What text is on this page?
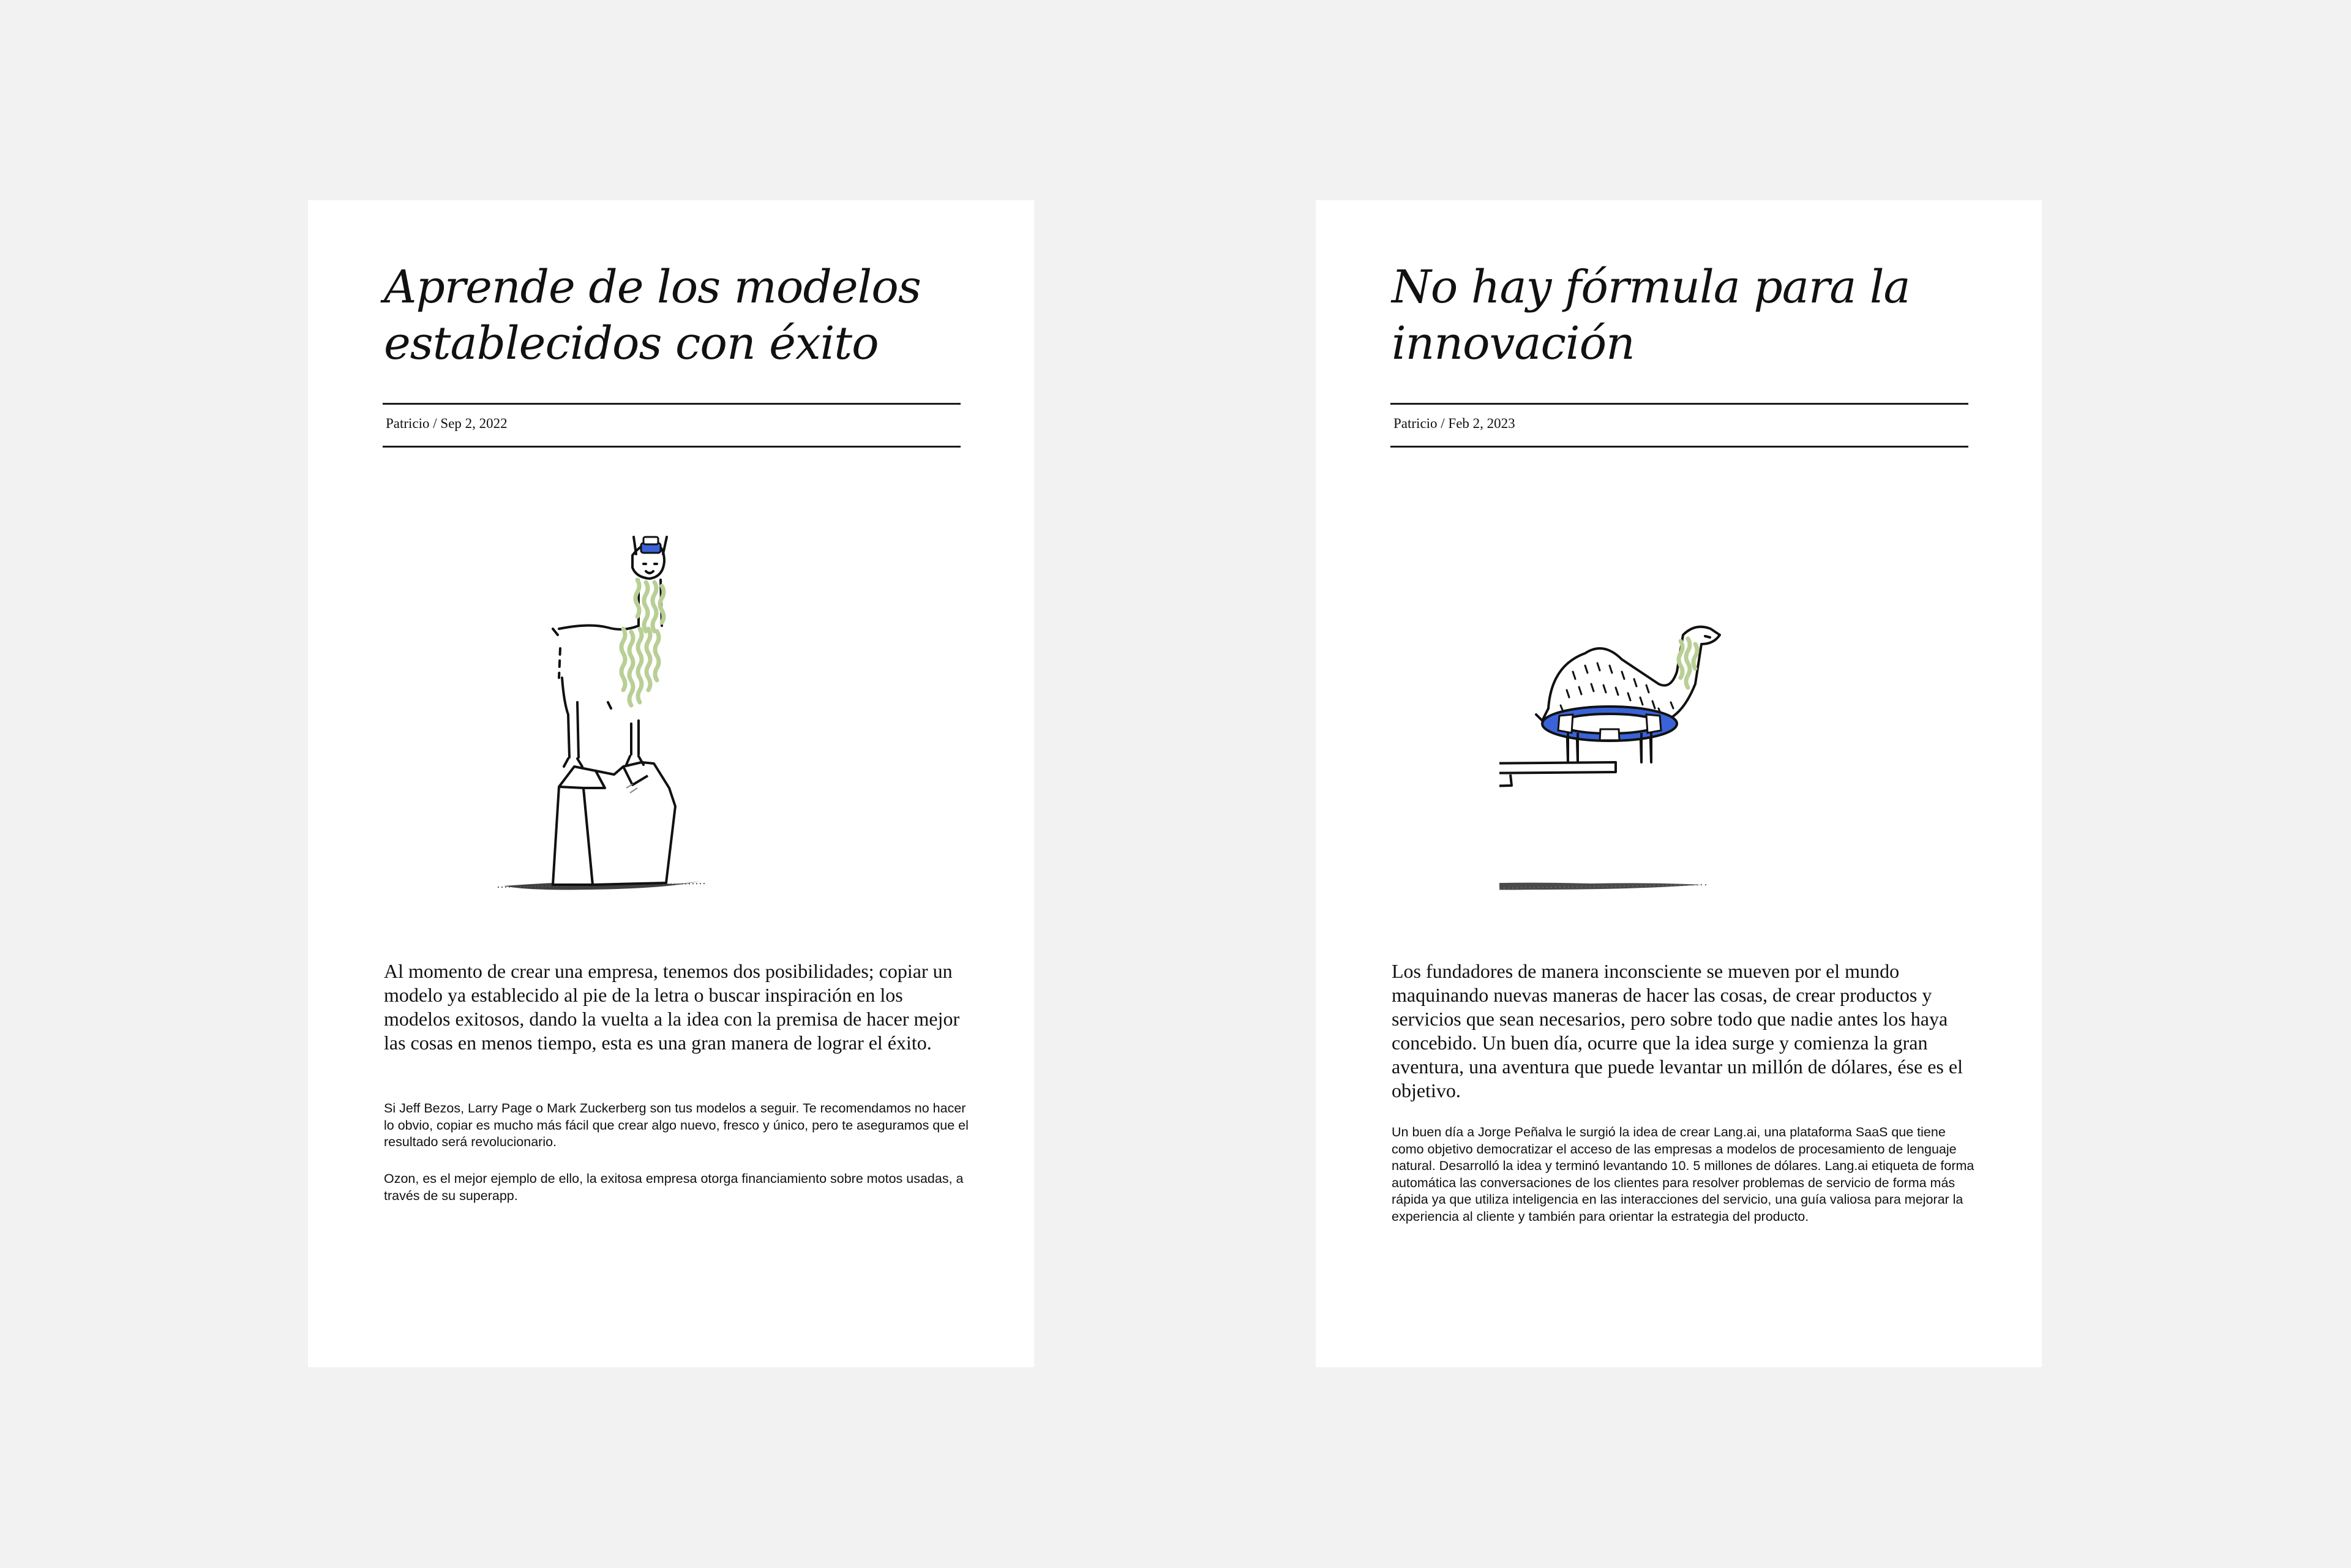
Aprende de los modelos
establecidos con éxito
Patricio / Sep 2, 2022

Al momento de crear una empresa, tenemos dos posibilidades; copiar un modelo ya establecido al pie de la letra o buscar inspiración en los modelos exitosos, dando la vuelta a la idea con la premisa de hacer mejor las cosas en menos tiempo, esta es una gran manera de lograr el éxito.

Si Jeff Bezos, Larry Page o Mark Zuckerberg son tus modelos a seguir. Te recomendamos no hacer lo obvio, copiar es mucho más fácil que crear algo nuevo, fresco y único, pero te aseguramos que el resultado será revolucionario.

Ozon, es el mejor ejemplo de ello, la exitosa empresa otorga financiamiento sobre motos usadas, a través de su superapp.

No hay fórmula para la
innovación
Patricio / Feb 2, 2023

Los fundadores de manera inconsciente se mueven por el mundo maquinando nuevas maneras de hacer las cosas, de crear productos y servicios que sean necesarios, pero sobre todo que nadie antes los haya concebido. Un buen día, ocurre que la idea surge y comienza la gran aventura, una aventura que puede levantar un millón de dólares, ése es el objetivo.

Un buen día a Jorge Peñalva le surgió la idea de crear Lang.ai, una plataforma SaaS que tiene como objetivo democratizar el acceso de las empresas a modelos de procesamiento de lenguaje natural. Desarrolló la idea y terminó levantando 10. 5 millones de dólares. Lang.ai etiqueta de forma automática las conversaciones de los clientes para resolver problemas de servicio de forma más rápida ya que utiliza inteligencia en las interacciones del servicio, una guía valiosa para mejorar la experiencia al cliente y también para orientar la estrategia del producto.
